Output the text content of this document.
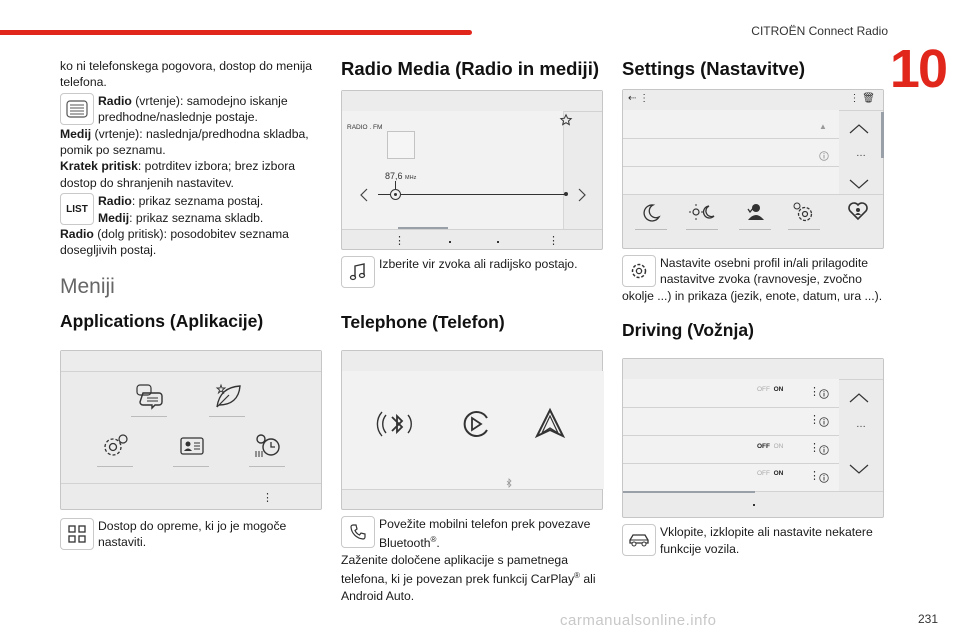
CITROËN Connect Radio
10

ko ni telefonskega pogovora, dostop do menija telefona.

Radio (vrtenje): samodejno iskanje predhodne/naslednje postaje.

Medij (vrtenje): naslednja/predhodna skladba, pomik po seznamu.

Kratek pritisk: potrditev izbora; brez izbora dostop do shranjenih nastavitev.

LIST

Radio: prikaz seznama postaj.
Medij: prikaz seznama skladb.

Radio (dolg pritisk): posodobitev seznama dosegljivih postaj.

Meniji
Applications (Aplikacije)
⋮

Dostop do opreme, ki jo je mogoče nastaviti.

Radio Media (Radio in mediji)
RADIO . FM
87,6 MHz
⋮	⋮

Izberite vir zvoka ali radijsko postajo.

Telephone (Telefon)

Povežite mobilni telefon prek povezave Bluetooth®.

Zaženite določene aplikacije s pametnega telefona, ki je povezan prek funkcij CarPlay® ali Android Auto.

Settings (Nastavitve)
⇠ ⋮	⋮ 🗑
▲
…

Nastavite osebni profil in/ali prilagodite nastavitve zvoka (ravnovesje, zvočno

okolje ...) in prikaza (jezik, enote, datum, ura ...).

Driving (Vožnja)
OFF ON ⋮
⋮
OFF ON ⋮
OFF ON ⋮
…

Vklopite, izklopite ali nastavite nekatere funkcije vozila.

carmanualsonline.info	231
